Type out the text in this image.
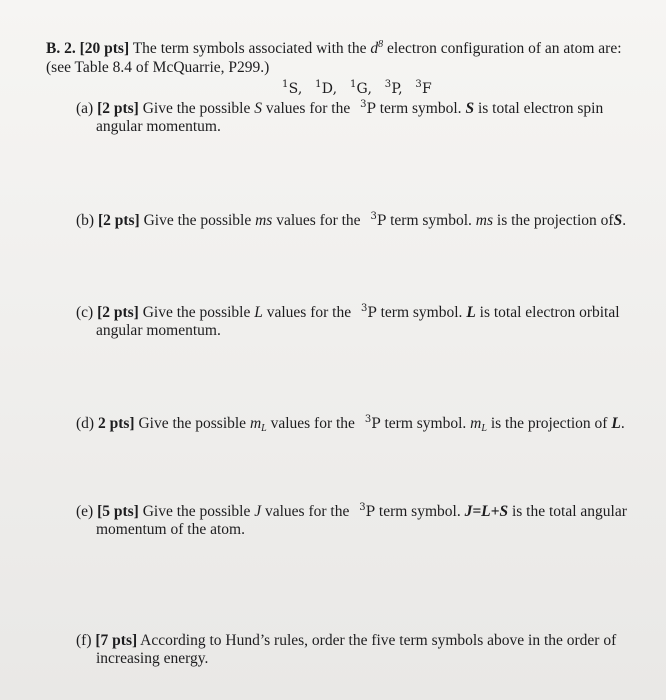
B. 2. [20 pts] The term symbols associated with the $d^8$ electron configuration of an atom are:
(see Table 8.4 of McQuarrie, P299.)
$^1$S, $^1$D, $^1$G, $^3$P, $^3$F
(a) [2 pts] Give the possible S values for the $^3$P term symbol. S is total electron spin
angular momentum.
(b) [2 pts] Give the possible ms values for the $^3$P term symbol. ms is the projection ofS.
(c) [2 pts] Give the possible L values for the $^3$P term symbol. L is total electron orbital
angular momentum.
(d) 2 pts] Give the possible $m_L$ values for the $^3$P term symbol. $m_L$ is the projection of L.
(e) [5 pts] Give the possible J values for the $^3$P term symbol. J=L+S is the total angular
momentum of the atom.
(f) [7 pts] According to Hund’s rules, order the five term symbols above in the order of
increasing energy.
